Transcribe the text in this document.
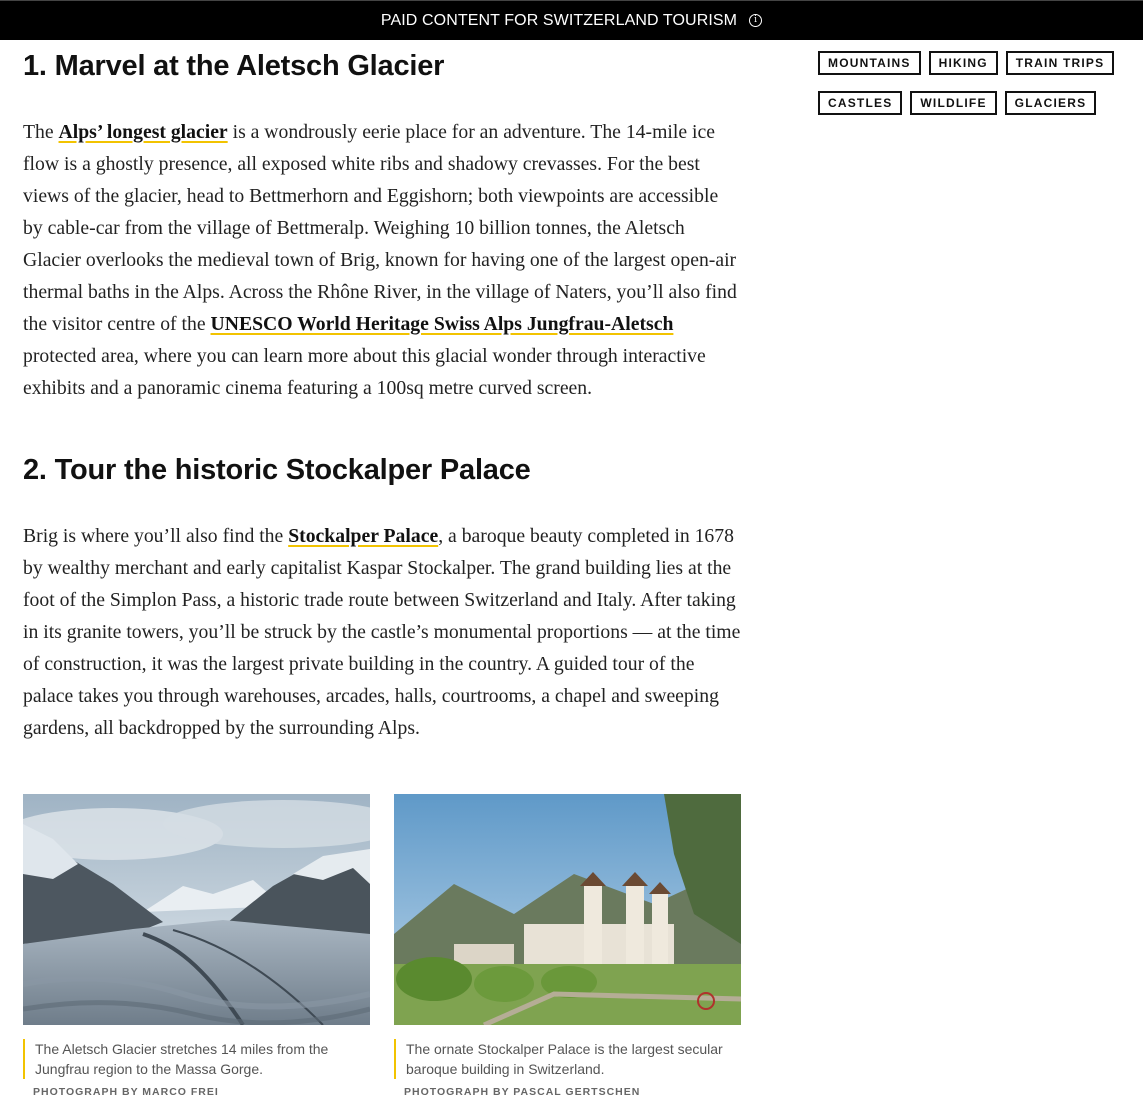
PAID CONTENT FOR SWITZERLAND TOURISM	i
1. Marvel at the Aletsch Glacier

The Alps’ longest glacier is a wondrously eerie place for an adventure. The 14-mile ice flow is a ghostly presence, all exposed white ribs and shadowy crevasses. For the best views of the glacier, head to Bettmerhorn and Eggishorn; both viewpoints are accessible by cable-car from the village of Bettmeralp. Weighing 10 billion tonnes, the Aletsch Glacier overlooks the medieval town of Brig, known for having one of the largest open-air thermal baths in the Alps. Across the Rhône River, in the village of Naters, you’ll also find the visitor centre of the UNESCO World Heritage Swiss Alps Jungfrau-Aletsch protected area, where you can learn more about this glacial wonder through interactive exhibits and a panoramic cinema featuring a 100sq metre curved screen.

2. Tour the historic Stockalper Palace

Brig is where you’ll also find the Stockalper Palace, a baroque beauty completed in 1678 by wealthy merchant and early capitalist Kaspar Stockalper. The grand building lies at the foot of the Simplon Pass, a historic trade route between Switzerland and Italy. After taking in its granite towers, you’ll be struck by the castle’s monumental proportions — at the time of construction, it was the largest private building in the country. A guided tour of the palace takes you through warehouses, arcades, halls, courtrooms, a chapel and sweeping gardens, all backdropped by the surrounding Alps.

The Aletsch Glacier stretches 14 miles from the Jungfrau region to the Massa Gorge.
PHOTOGRAPH BY MARCO FREI
The ornate Stockalper Palace is the largest secular baroque building in Switzerland.
PHOTOGRAPH BY PASCAL GERTSCHEN
MOUNTAINS	HIKING	TRAIN TRIPS
CASTLES	WILDLIFE	GLACIERS
